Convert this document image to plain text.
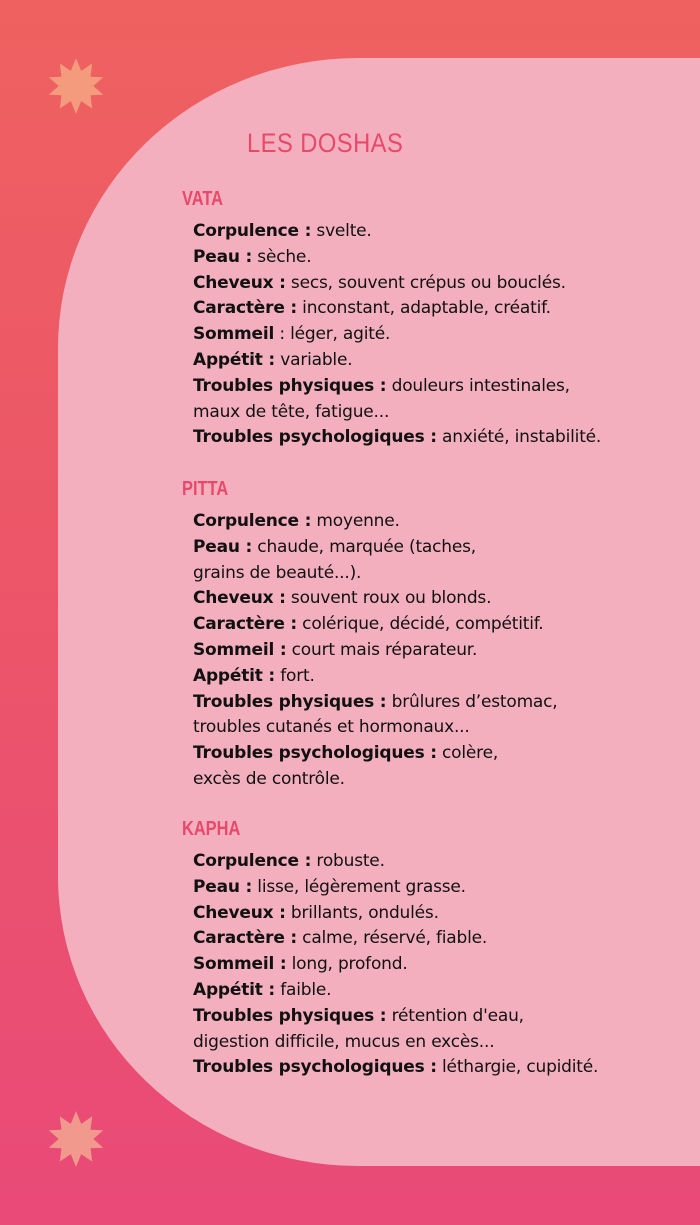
LES DOSHAS
VATA
Corpulence : svelte.
Peau : sèche.
Cheveux : secs, souvent crépus ou bouclés.
Caractère : inconstant, adaptable, créatif.
Sommeil : léger, agité.
Appétit : variable.
Troubles physiques : douleurs intestinales,
maux de tête, fatigue...
Troubles psychologiques : anxiété, instabilité.
PITTA
Corpulence : moyenne.
Peau : chaude, marquée (taches,
grains de beauté...).
Cheveux : souvent roux ou blonds.
Caractère : colérique, décidé, compétitif.
Sommeil : court mais réparateur.
Appétit : fort.
Troubles physiques : brûlures d’estomac,
troubles cutanés et hormonaux...
Troubles psychologiques : colère,
excès de contrôle.
KAPHA
Corpulence : robuste.
Peau : lisse, légèrement grasse.
Cheveux : brillants, ondulés.
Caractère : calme, réservé, fiable.
Sommeil : long, profond.
Appétit : faible.
Troubles physiques : rétention d'eau,
digestion difficile, mucus en excès...
Troubles psychologiques : léthargie, cupidité.
